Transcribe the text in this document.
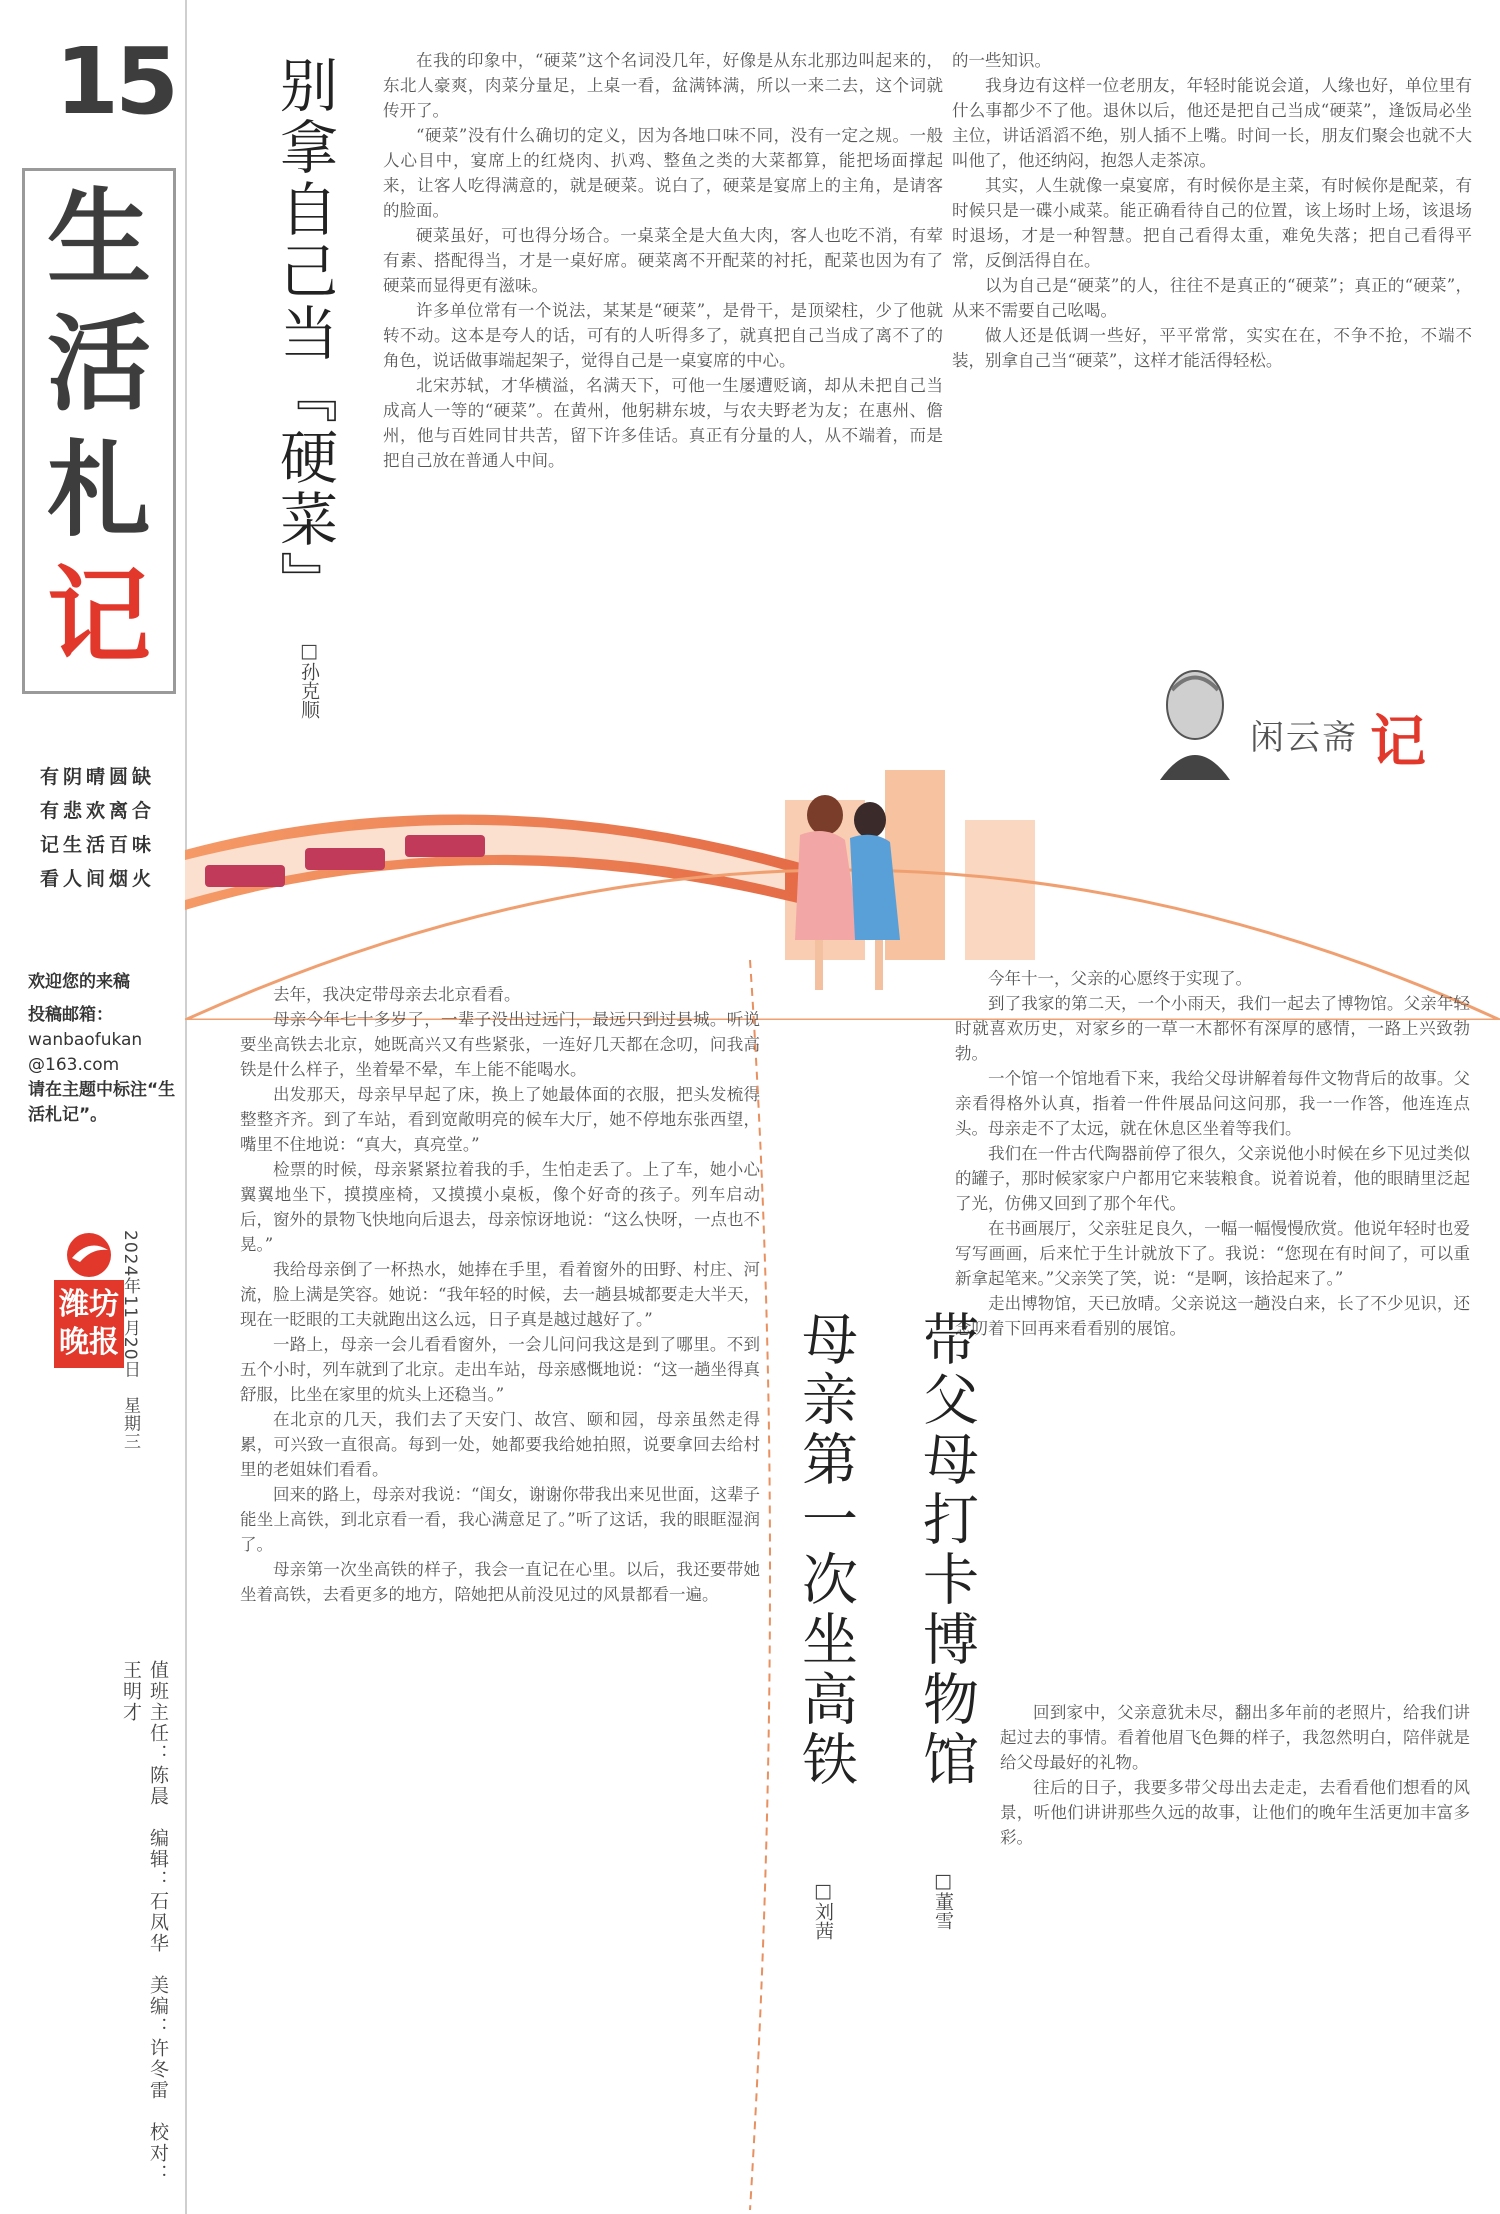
15
生
活
札
记
有阴晴圆缺
有悲欢离合
记生活百味
看人间烟火
欢迎您的来稿
投稿邮箱：
wanbaofukan
@163.com
请在主题中标注“生活札记”。
潍坊
晚报 2024年11月20日　星期三
值班主任：陈晨　编辑：石凤华　美编：许冬雷　校对：王明才
别拿自己当『硬菜』
□孙克顺

在我的印象中，“硬菜”这个名词没几年，好像是从东北那边叫起来的，东北人豪爽，肉菜分量足，上桌一看，盆满钵满，所以一来二去，这个词就传开了。

“硬菜”没有什么确切的定义，因为各地口味不同，没有一定之规。一般人心目中，宴席上的红烧肉、扒鸡、整鱼之类的大菜都算，能把场面撑起来，让客人吃得满意的，就是硬菜。说白了，硬菜是宴席上的主角，是请客的脸面。

硬菜虽好，可也得分场合。一桌菜全是大鱼大肉，客人也吃不消，有荤有素、搭配得当，才是一桌好席。硬菜离不开配菜的衬托，配菜也因为有了硬菜而显得更有滋味。

许多单位常有一个说法，某某是“硬菜”，是骨干，是顶梁柱，少了他就转不动。这本是夸人的话，可有的人听得多了，就真把自己当成了离不了的角色，说话做事端起架子，觉得自己是一桌宴席的中心。

北宋苏轼，才华横溢，名满天下，可他一生屡遭贬谪，却从未把自己当成高人一等的“硬菜”。在黄州，他躬耕东坡，与农夫野老为友；在惠州、儋州，他与百姓同甘共苦，留下许多佳话。真正有分量的人，从不端着，而是把自己放在普通人中间。

的一些知识。

我身边有这样一位老朋友，年轻时能说会道，人缘也好，单位里有什么事都少不了他。退休以后，他还是把自己当成“硬菜”，逢饭局必坐主位，讲话滔滔不绝，别人插不上嘴。时间一长，朋友们聚会也就不大叫他了，他还纳闷，抱怨人走茶凉。

其实，人生就像一桌宴席，有时候你是主菜，有时候你是配菜，有时候只是一碟小咸菜。能正确看待自己的位置，该上场时上场，该退场时退场，才是一种智慧。把自己看得太重，难免失落；把自己看得平常，反倒活得自在。

以为自己是“硬菜”的人，往往不是真正的“硬菜”；真正的“硬菜”，从来不需要自己吆喝。

做人还是低调一些好，平平常常，实实在在，不争不抢，不端不装，别拿自己当“硬菜”，这样才能活得轻松。

闲云斋 记

今年十一，父亲的心愿终于实现了。

到了我家的第二天，一个小雨天，我们一起去了博物馆。父亲年轻时就喜欢历史，对家乡的一草一木都怀有深厚的感情，一路上兴致勃勃。

一个馆一个馆地看下来，我给父母讲解着每件文物背后的故事。父亲看得格外认真，指着一件件展品问这问那，我一一作答，他连连点头。母亲走不了太远，就在休息区坐着等我们。

我们在一件古代陶器前停了很久，父亲说他小时候在乡下见过类似的罐子，那时候家家户户都用它来装粮食。说着说着，他的眼睛里泛起了光，仿佛又回到了那个年代。

在书画展厅，父亲驻足良久，一幅一幅慢慢欣赏。他说年轻时也爱写写画画，后来忙于生计就放下了。我说：“您现在有时间了，可以重新拿起笔来。”父亲笑了笑，说：“是啊，该拾起来了。”

走出博物馆，天已放晴。父亲说这一趟没白来，长了不少见识，还念叨着下回再来看看别的展馆。

回到家中，父亲意犹未尽，翻出多年前的老照片，给我们讲起过去的事情。看着他眉飞色舞的样子，我忽然明白，陪伴就是给父母最好的礼物。

往后的日子，我要多带父母出去走走，去看看他们想看的风景，听他们讲讲那些久远的故事，让他们的晚年生活更加丰富多彩。

带父母打卡博物馆
□董雪
母亲第一次坐高铁
□刘茜

去年，我决定带母亲去北京看看。

母亲今年七十多岁了，一辈子没出过远门，最远只到过县城。听说要坐高铁去北京，她既高兴又有些紧张，一连好几天都在念叨，问我高铁是什么样子，坐着晕不晕，车上能不能喝水。

出发那天，母亲早早起了床，换上了她最体面的衣服，把头发梳得整整齐齐。到了车站，看到宽敞明亮的候车大厅，她不停地东张西望，嘴里不住地说：“真大，真亮堂。”

检票的时候，母亲紧紧拉着我的手，生怕走丢了。上了车，她小心翼翼地坐下，摸摸座椅，又摸摸小桌板，像个好奇的孩子。列车启动后，窗外的景物飞快地向后退去，母亲惊讶地说：“这么快呀，一点也不晃。”

我给母亲倒了一杯热水，她捧在手里，看着窗外的田野、村庄、河流，脸上满是笑容。她说：“我年轻的时候，去一趟县城都要走大半天，现在一眨眼的工夫就跑出这么远，日子真是越过越好了。”

一路上，母亲一会儿看看窗外，一会儿问问我这是到了哪里。不到五个小时，列车就到了北京。走出车站，母亲感慨地说：“这一趟坐得真舒服，比坐在家里的炕头上还稳当。”

在北京的几天，我们去了天安门、故宫、颐和园，母亲虽然走得累，可兴致一直很高。每到一处，她都要我给她拍照，说要拿回去给村里的老姐妹们看看。

回来的路上，母亲对我说：“闺女，谢谢你带我出来见世面，这辈子能坐上高铁，到北京看一看，我心满意足了。”听了这话，我的眼眶湿润了。

母亲第一次坐高铁的样子，我会一直记在心里。以后，我还要带她坐着高铁，去看更多的地方，陪她把从前没见过的风景都看一遍。
